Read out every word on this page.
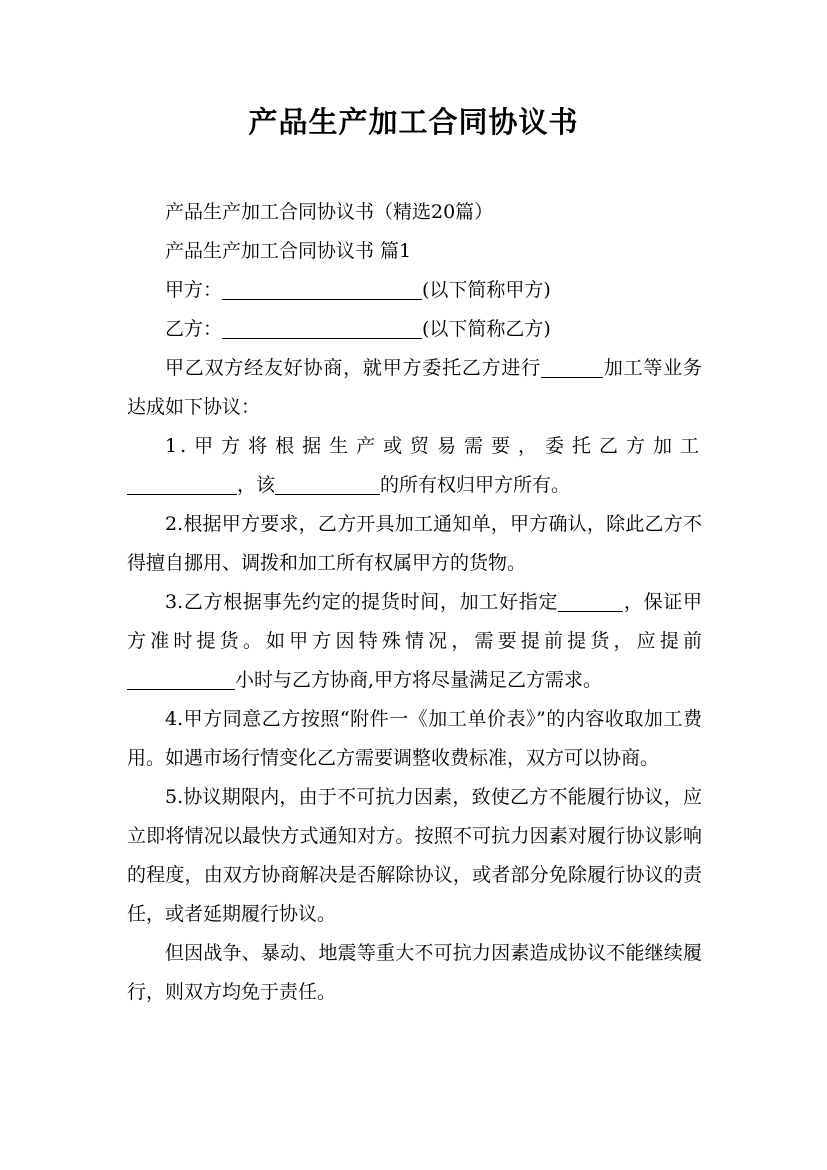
产品生产加工合同协议书

产品生产加工合同协议书（精选20篇）

产品生产加工合同协议书 篇1

甲方：	(以下简称甲方)

乙方：	(以下简称乙方)

甲乙双方经友好协商，就甲方委托乙方进行	加工等业务达成如下协议：

1.甲方将根据生产或贸易需要，委托乙方加工，该	的所有权归甲方所有。

2.根据甲方要求，乙方开具加工通知单，甲方确认，除此乙方不得擅自挪用、调拨和加工所有权属甲方的货物。

3.乙方根据事先约定的提货时间，加工好指定	，保证甲方准时提货。如甲方因特殊情况，需要提前提货，应提前小时与乙方协商,甲方将尽量满足乙方需求。

4.甲方同意乙方按照“附件一《加工单价表》”的内容收取加工费用。如遇市场行情变化乙方需要调整收费标准，双方可以协商。

5.协议期限内，由于不可抗力因素，致使乙方不能履行协议，应立即将情况以最快方式通知对方。按照不可抗力因素对履行协议影响的程度，由双方协商解决是否解除协议，或者部分免除履行协议的责任，或者延期履行协议。

但因战争、暴动、地震等重大不可抗力因素造成协议不能继续履行，则双方均免于责任。
